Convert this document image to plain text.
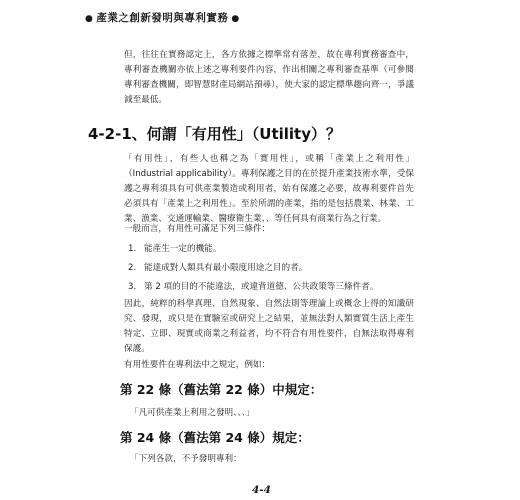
● 產業之創新發明與專利實務 ●
但，往往在實務認定上，各方依據之標準常有落差，故在專利實務審查中，專利審查機關亦依上述之專利要件內容，作出相關之專利審查基準（可參閱專利審查機關，即智慧財產局網站預尋），使大家的認定標準趨向齊一，爭議減至最低。
4-2-1、何謂「有用性」（Utility）？
「有用性」，有些人也稱之為「實用性」，或稱「產業上之利用性」（Industrial applicability）。專利保護之目的在於提升產業技術水準，受保護之專利須具有可供產業製造或利用者，始有保護之必要，故專利要件首先必須具有「產業上之利用性」。至於所謂的產業，指的是包括農業、林業、工業、漁業、交通運輸業、醫療衛生業、、等任何具有商業行為之行業。
一般而言，有用性可滿足下列三條件：
1. 能產生一定的機能。
2. 能達成對人類具有最小限度用途之目的者。
3. 第 2 項的目的不能違法，或違背道德、公共政策等三條件者。
因此，純粹的科學真理、自然現象、自然法則等理論上或概念上得的知識研究、發現，或只是在實驗室或研究上之結果，並無法對人類實質生活上產生特定、立即、現實或商業之利益者，均不符合有用性要件，自無法取得專利保護。
有用性要件在專利法中之規定，例如：
第 22 條（舊法第 22 條）中規定：
「凡可供產業上利用之發明、、、」
第 24 條（舊法第 24 條）規定：
「下列各款，不予發明專利：
4-4
